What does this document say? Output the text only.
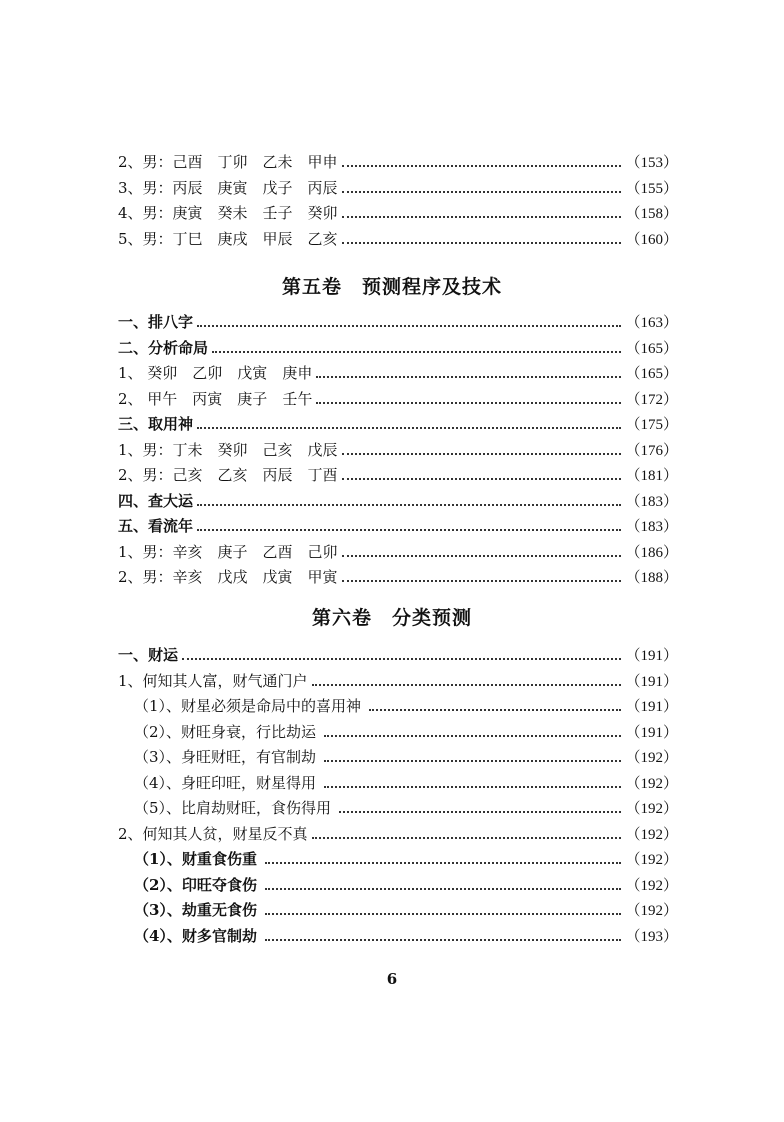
2、男：己酉　丁卯　乙未　甲申	（153）
3、男：丙辰　庚寅　戊子　丙辰	（155）
4、男：庚寅　癸未　壬子　癸卯	（158）
5、男：丁巳　庚戌　甲辰　乙亥	（160）
第五卷　预测程序及技术
一、排八字	（163）
二、分析命局	（165）
1、 癸卯　乙卯　戊寅　庚申	（165）
2、 甲午　丙寅　庚子　壬午	（172）
三、取用神	（175）
1、男：丁未　癸卯　己亥　戊辰	（176）
2、男：己亥　乙亥　丙辰　丁酉	（181）
四、查大运	（183）
五、看流年	（183）
1、男：辛亥　庚子　乙酉　己卯	（186）
2、男：辛亥　戊戌　戊寅　甲寅	（188）
第六卷　分类预测
一、财运	（191）
1、何知其人富，财气通门户	（191）
（1）、财星必须是命局中的喜用神	（191）
（2）、财旺身衰，行比劫运	（191）
（3）、身旺财旺，有官制劫	（192）
（4）、身旺印旺，财星得用	（192）
（5）、比肩劫财旺，食伤得用	（192）
2、何知其人贫，财星反不真	（192）
（1）、财重食伤重	（192）
（2）、印旺夺食伤	（192）
（3）、劫重无食伤	（192）
（4）、财多官制劫	（193）
6
